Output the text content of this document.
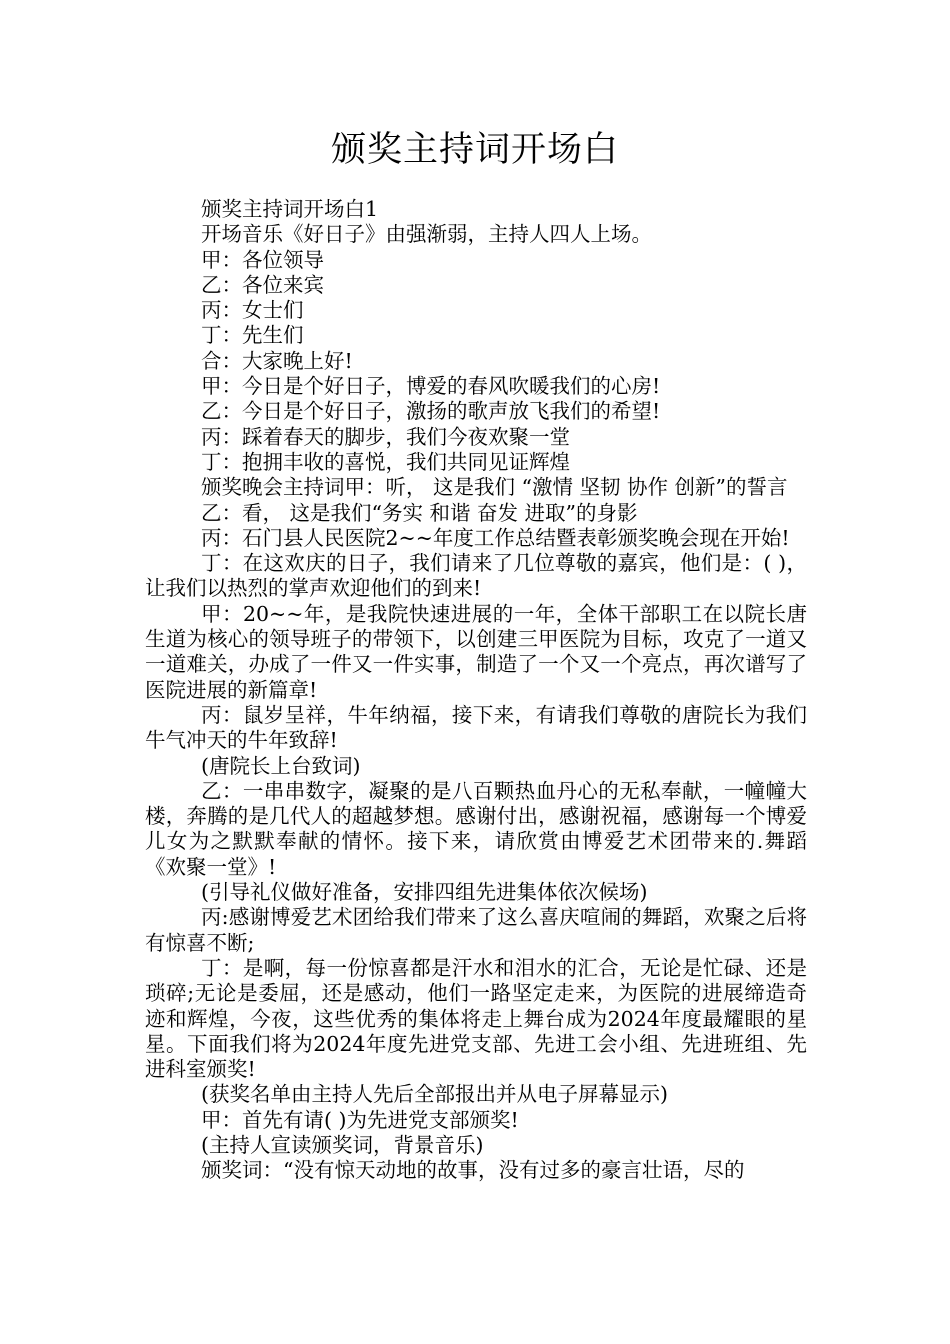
颁奖主持词开场白

颁奖主持词开场白1

开场音乐《好日子》由强渐弱，主持人四人上场。

甲：各位领导

乙：各位来宾

丙：女士们

丁：先生们

合：大家晚上好!

甲：今日是个好日子，博爱的春风吹暖我们的心房!

乙：今日是个好日子，激扬的歌声放飞我们的希望!

丙：踩着春天的脚步，我们今夜欢聚一堂

丁：抱拥丰收的喜悦，我们共同见证辉煌

颁奖晚会主持词甲：听， 这是我们 “激情 坚韧 协作 创新”的誓言

乙：看， 这是我们“务实 和谐 奋发 进取”的身影

丙：石门县人民医院2~~年度工作总结暨表彰颁奖晚会现在开始!

丁：在这欢庆的日子，我们请来了几位尊敬的嘉宾，他们是：( )，让我们以热烈的掌声欢迎他们的到来!

甲：20~~年，是我院快速进展的一年，全体干部职工在以院长唐生道为核心的领导班子的带领下，以创建三甲医院为目标，攻克了一道又一道难关，办成了一件又一件实事，制造了一个又一个亮点，再次谱写了医院进展的新篇章!

丙：鼠岁呈祥，牛年纳福，接下来，有请我们尊敬的唐院长为我们牛气冲天的牛年致辞!

(唐院长上台致词)

乙：一串串数字，凝聚的是八百颗热血丹心的无私奉献，一幢幢大楼，奔腾的是几代人的超越梦想。感谢付出，感谢祝福，感谢每一个博爱儿女为之默默奉献的情怀。接下来，请欣赏由博爱艺术团带来的.舞蹈《欢聚一堂》!

(引导礼仪做好准备，安排四组先进集体依次候场)

丙:感谢博爱艺术团给我们带来了这么喜庆喧闹的舞蹈，欢聚之后将有惊喜不断;

丁：是啊，每一份惊喜都是汗水和泪水的汇合，无论是忙碌、还是琐碎;无论是委屈，还是感动，他们一路坚定走来，为医院的进展缔造奇迹和辉煌，今夜，这些优秀的集体将走上舞台成为2024年度最耀眼的星星。下面我们将为2024年度先进党支部、先进工会小组、先进班组、先进科室颁奖!

(获奖名单由主持人先后全部报出并从电子屏幕显示)

甲：首先有请( )为先进党支部颁奖!

(主持人宣读颁奖词，背景音乐)

颁奖词：“没有惊天动地的故事，没有过多的豪言壮语，尽的
